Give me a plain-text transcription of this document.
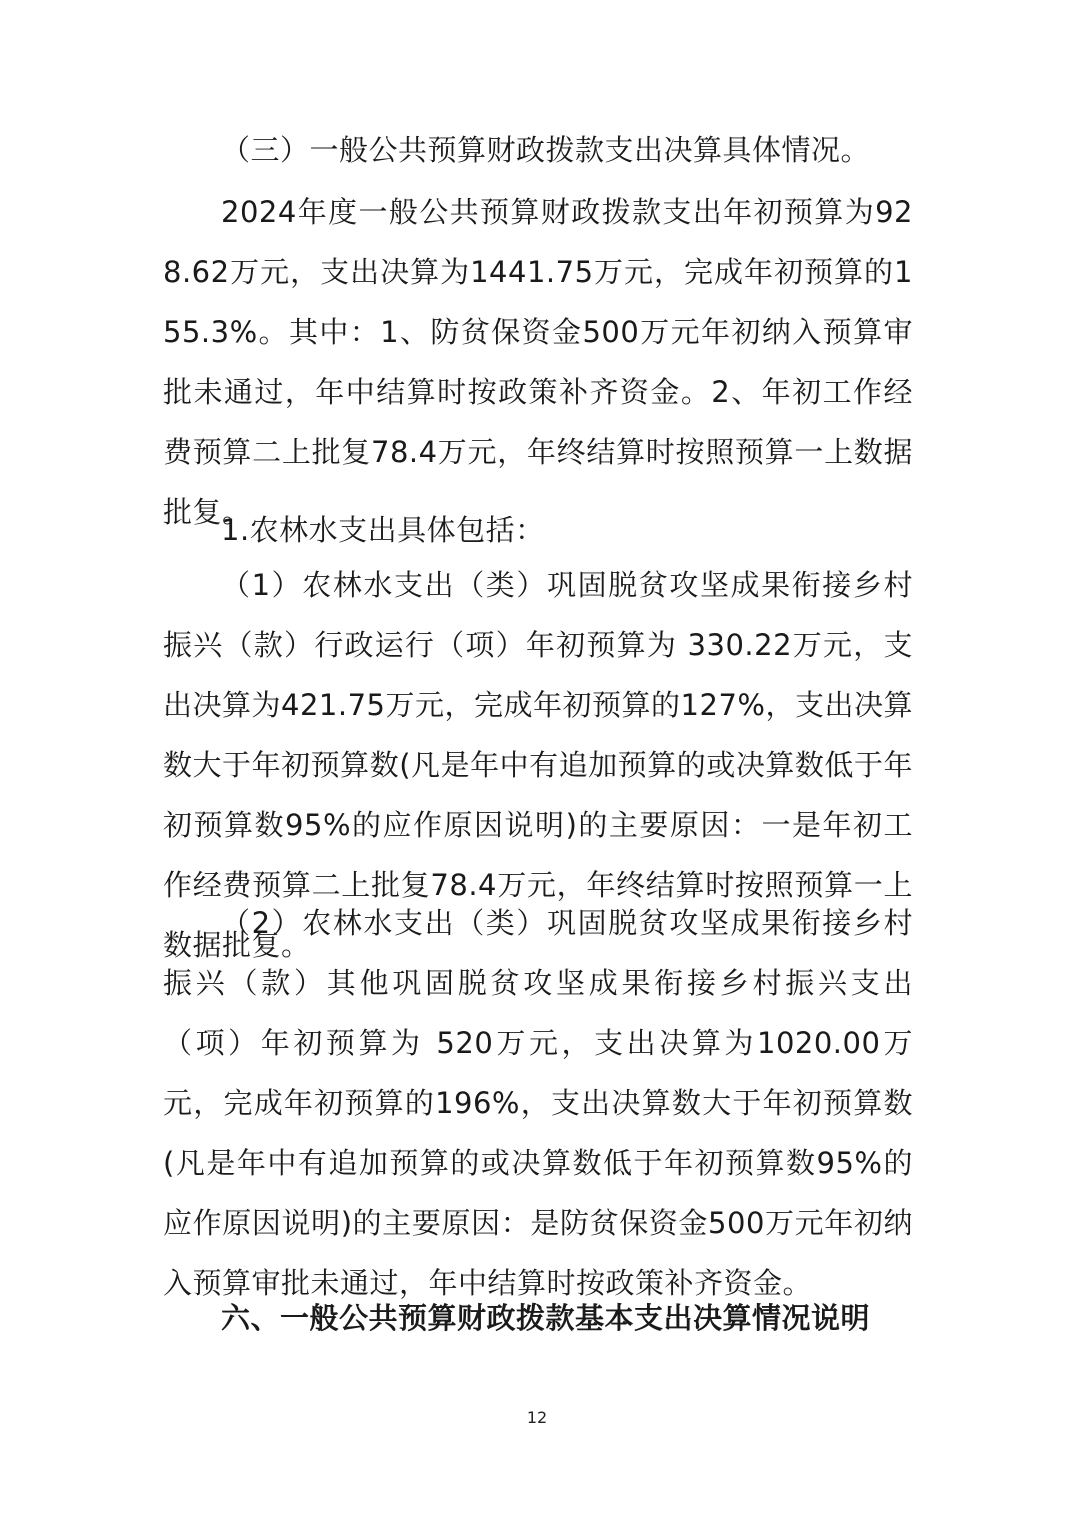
（三）一般公共预算财政拨款支出决算具体情况。

2024年度一般公共预算财政拨款支出年初预算为928.62万元，支出决算为1441.75万元，完成年初预算的155.3%。其中：1、防贫保资金500万元年初纳入预算审批未通过，年中结算时按政策补齐资金。2、年初工作经费预算二上批复78.4万元，年终结算时按照预算一上数据批复。

1.农林水支出具体包括：

（1）农林水支出（类）巩固脱贫攻坚成果衔接乡村振兴（款）行政运行（项）年初预算为 330.22万元，支出决算为421.75万元，完成年初预算的127%，支出决算数大于年初预算数(凡是年中有追加预算的或决算数低于年初预算数95%的应作原因说明)的主要原因：一是年初工作经费预算二上批复78.4万元，年终结算时按照预算一上数据批复。

（2）农林水支出（类）巩固脱贫攻坚成果衔接乡村振兴（款）其他巩固脱贫攻坚成果衔接乡村振兴支出（项）年初预算为 520万元，支出决算为1020.00万元，完成年初预算的196%，支出决算数大于年初预算数(凡是年中有追加预算的或决算数低于年初预算数95%的应作原因说明)的主要原因：是防贫保资金500万元年初纳入预算审批未通过，年中结算时按政策补齐资金。

六、一般公共预算财政拨款基本支出决算情况说明
12
